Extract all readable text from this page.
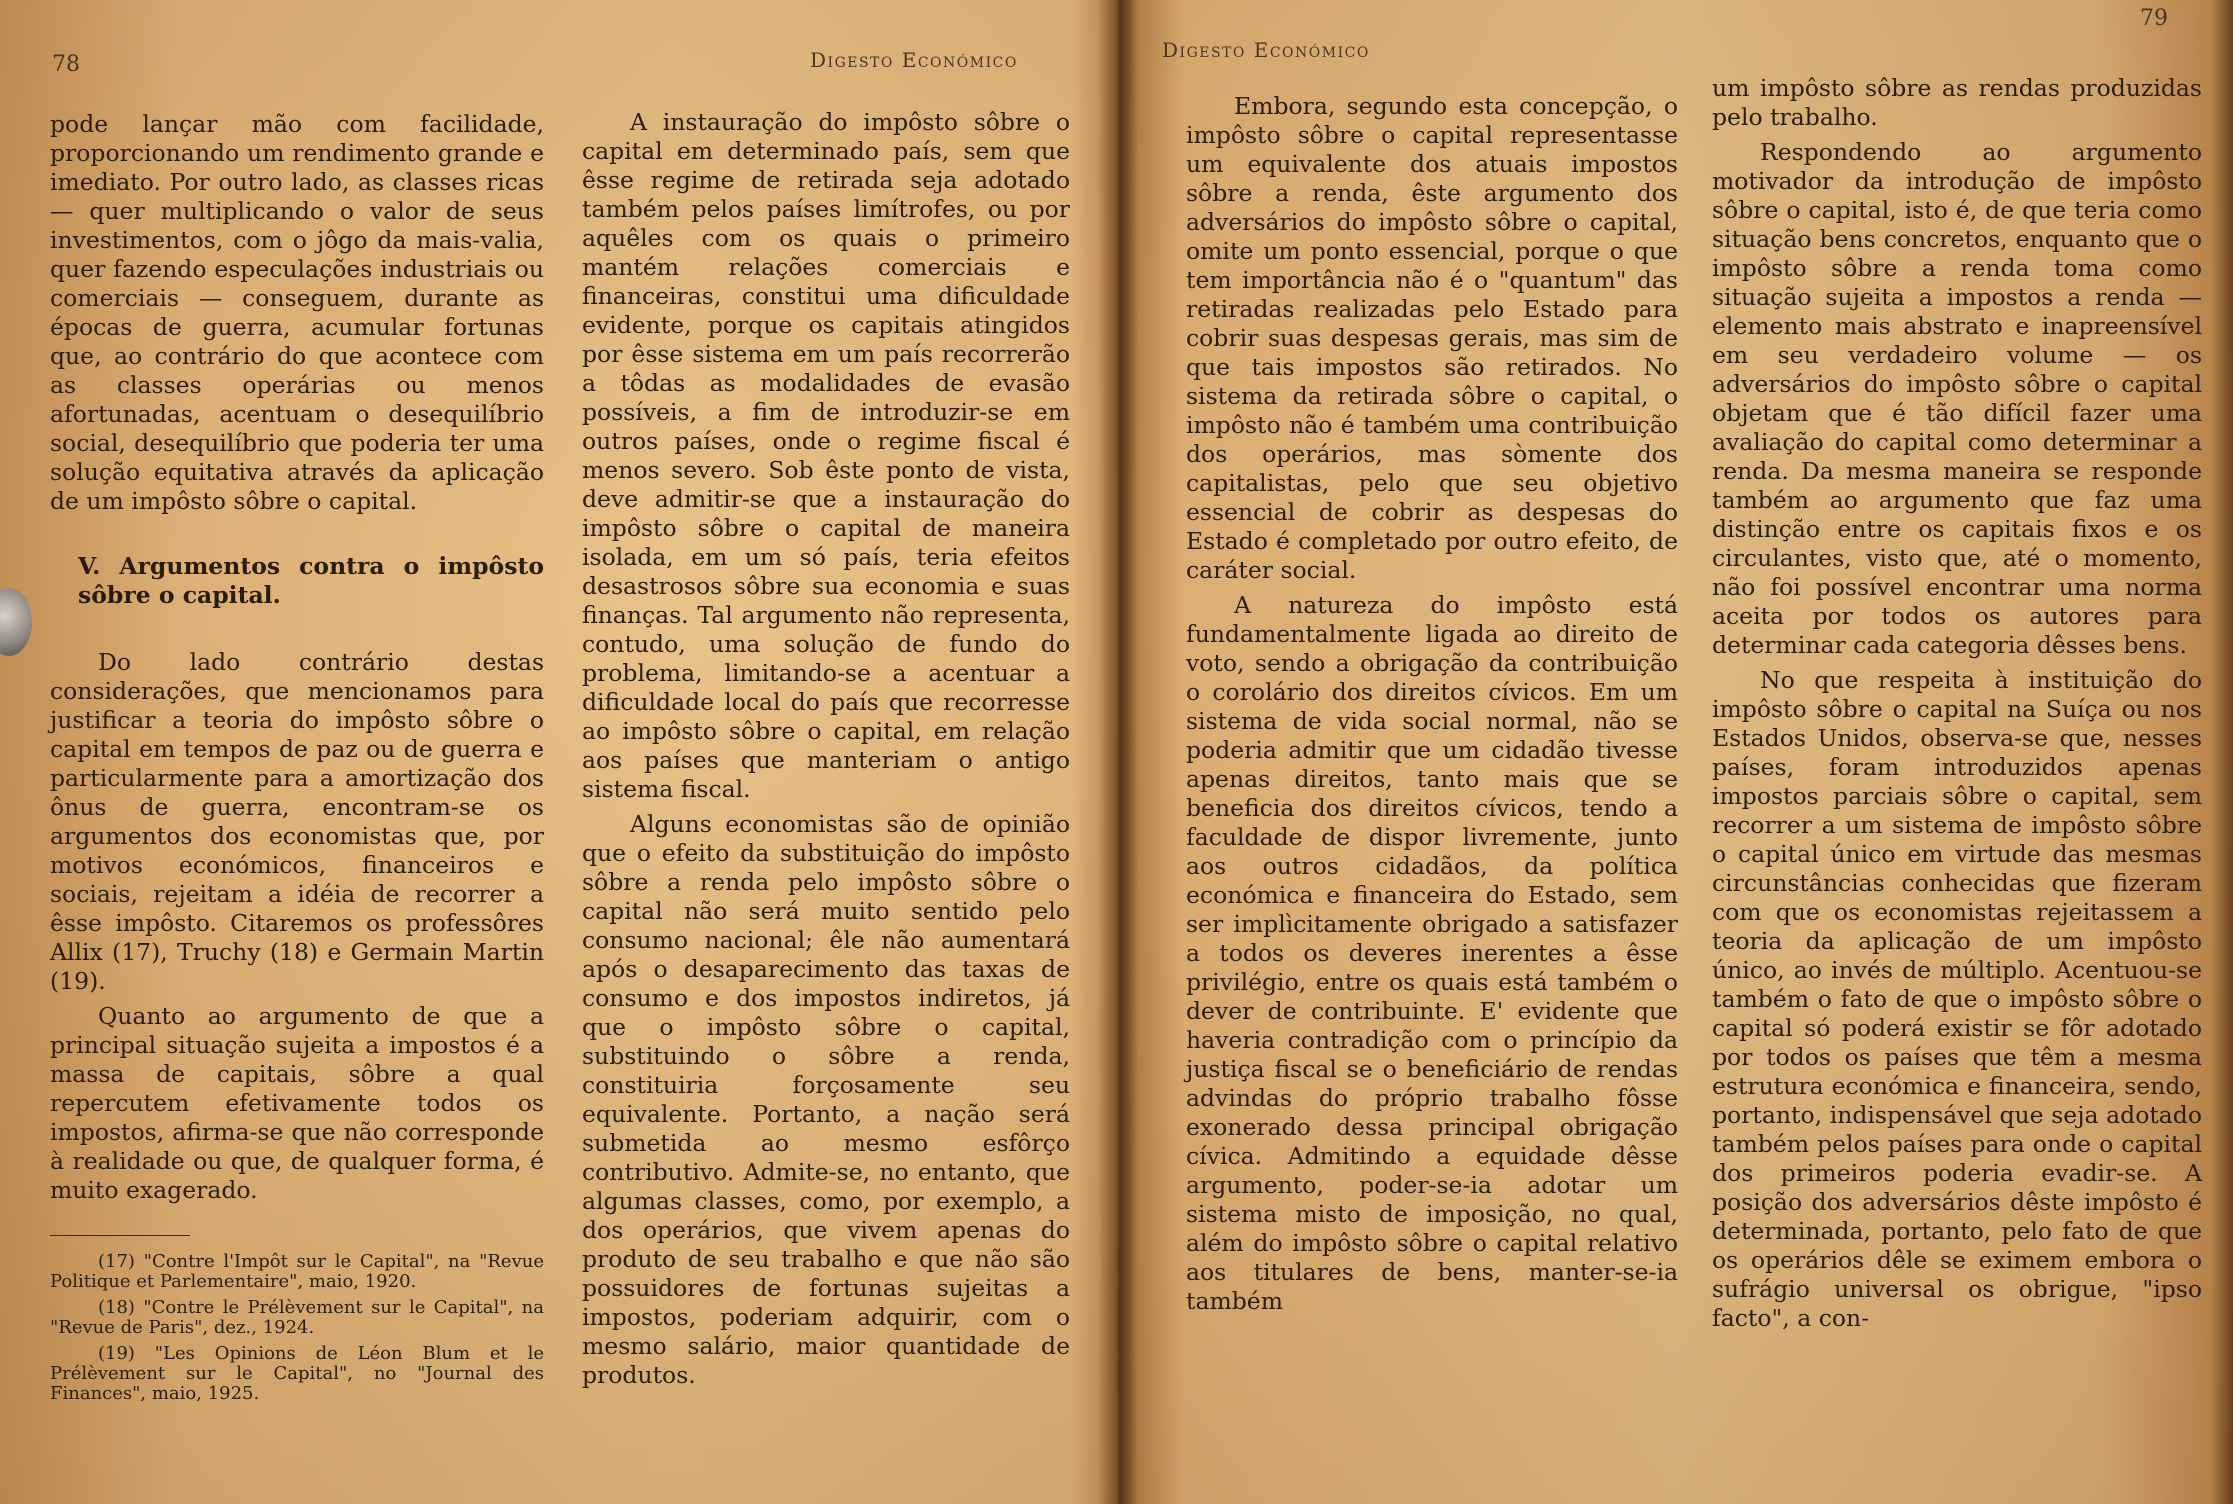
78	Digesto Económico

pode lançar mão com facilidade, proporcionando um rendimento grande e imediato. Por outro lado, as classes ricas — quer multiplicando o valor de seus investimentos, com o jôgo da mais-valia, quer fazendo especulações industriais ou comerciais — conseguem, durante as épocas de guerra, acumular fortunas que, ao contrário do que acontece com as classes operárias ou menos afortunadas, acentuam o desequilíbrio social, desequilíbrio que poderia ter uma solução equitativa através da aplicação de um impôsto sôbre o capital.

V. Argumentos contra o impôsto sôbre o capital.

Do lado contrário destas considerações, que mencionamos para justificar a teoria do impôsto sôbre o capital em tempos de paz ou de guerra e particularmente para a amortização dos ônus de guerra, encontram-se os argumentos dos economistas que, por motivos económicos, financeiros e sociais, rejeitam a idéia de recorrer a êsse impôsto. Citaremos os professôres Allix (17), Truchy (18) e Germain Martin (19).

Quanto ao argumento de que a principal situação sujeita a impostos é a massa de capitais, sôbre a qual repercutem efetivamente todos os impostos, afirma-se que não corresponde à realidade ou que, de qualquer forma, é muito exagerado.

(17) "Contre l'Impôt sur le Capital", na "Revue Politique et Parlementaire", maio, 1920.

(18) "Contre le Prélèvement sur le Capital", na "Revue de Paris", dez., 1924.

(19) "Les Opinions de Léon Blum et le Prélèvement sur le Capital", no "Journal des Finances", maio, 1925.

A instauração do impôsto sôbre o capital em determinado país, sem que êsse regime de retirada seja adotado também pelos países limítrofes, ou por aquêles com os quais o primeiro mantém relações comerciais e financeiras, constitui uma dificuldade evidente, porque os capitais atingidos por êsse sistema em um país recorrerão a tôdas as modalidades de evasão possíveis, a fim de introduzir-se em outros países, onde o regime fiscal é menos severo. Sob êste ponto de vista, deve admitir-se que a instauração do impôsto sôbre o capital de maneira isolada, em um só país, teria efeitos desastrosos sôbre sua economia e suas finanças. Tal argumento não representa, contudo, uma solução de fundo do problema, limitando-se a acentuar a dificuldade local do país que recorresse ao impôsto sôbre o capital, em relação aos países que manteriam o antigo sistema fiscal.

Alguns economistas são de opinião que o efeito da substituição do impôsto sôbre a renda pelo impôsto sôbre o capital não será muito sentido pelo consumo nacional; êle não aumentará após o desaparecimento das taxas de consumo e dos impostos indiretos, já que o impôsto sôbre o capital, substituindo o sôbre a renda, constituiria forçosamente seu equivalente. Portanto, a nação será submetida ao mesmo esfôrço contributivo. Admite-se, no entanto, que algumas classes, como, por exemplo, a dos operários, que vivem apenas do produto de seu trabalho e que não são possuidores de fortunas sujeitas a impostos, poderiam adquirir, com o mesmo salário, maior quantidade de produtos.

Digesto Económico
79

Embora, segundo esta concepção, o impôsto sôbre o capital representasse um equivalente dos atuais impostos sôbre a renda, êste argumento dos adversários do impôsto sôbre o capital, omite um ponto essencial, porque o que tem importância não é o "quantum" das retiradas realizadas pelo Estado para cobrir suas despesas gerais, mas sim de que tais impostos são retirados. No sistema da retirada sôbre o capital, o impôsto não é também uma contribuição dos operários, mas sòmente dos capitalistas, pelo que seu objetivo essencial de cobrir as despesas do Estado é completado por outro efeito, de caráter social.

A natureza do impôsto está fundamentalmente ligada ao direito de voto, sendo a obrigação da contribuição o corolário dos direitos cívicos. Em um sistema de vida social normal, não se poderia admitir que um cidadão tivesse apenas direitos, tanto mais que se beneficia dos direitos cívicos, tendo a faculdade de dispor livremente, junto aos outros cidadãos, da política económica e financeira do Estado, sem ser implìcitamente obrigado a satisfazer a todos os deveres inerentes a êsse privilégio, entre os quais está também o dever de contribuinte. E' evidente que haveria contradição com o princípio da justiça fiscal se o beneficiário de rendas advindas do próprio trabalho fôsse exonerado dessa principal obrigação cívica. Admitindo a equidade dêsse argumento, poder-se-ia adotar um sistema misto de imposição, no qual, além do impôsto sôbre o capital relativo aos titulares de bens, manter-se-ia também

um impôsto sôbre as rendas produzidas pelo trabalho.

Respondendo ao argumento motivador da introdução de impôsto sôbre o capital, isto é, de que teria como situação bens concretos, enquanto que o impôsto sôbre a renda toma como situação sujeita a impostos a renda — elemento mais abstrato e inapreensível em seu verdadeiro volume — os adversários do impôsto sôbre o capital objetam que é tão difícil fazer uma avaliação do capital como determinar a renda. Da mesma maneira se responde também ao argumento que faz uma distinção entre os capitais fixos e os circulantes, visto que, até o momento, não foi possível encontrar uma norma aceita por todos os autores para determinar cada categoria dêsses bens.

No que respeita à instituição do impôsto sôbre o capital na Suíça ou nos Estados Unidos, observa-se que, nesses países, foram introduzidos apenas impostos parciais sôbre o capital, sem recorrer a um sistema de impôsto sôbre o capital único em virtude das mesmas circunstâncias conhecidas que fizeram com que os economistas rejeitassem a teoria da aplicação de um impôsto único, ao invés de múltiplo. Acentuou-se também o fato de que o impôsto sôbre o capital só poderá existir se fôr adotado por todos os países que têm a mesma estrutura económica e financeira, sendo, portanto, indispensável que seja adotado também pelos países para onde o capital dos primeiros poderia evadir-se. A posição dos adversários dêste impôsto é determinada, portanto, pelo fato de que os operários dêle se eximem embora o sufrágio universal os obrigue, "ipso facto", a con-
